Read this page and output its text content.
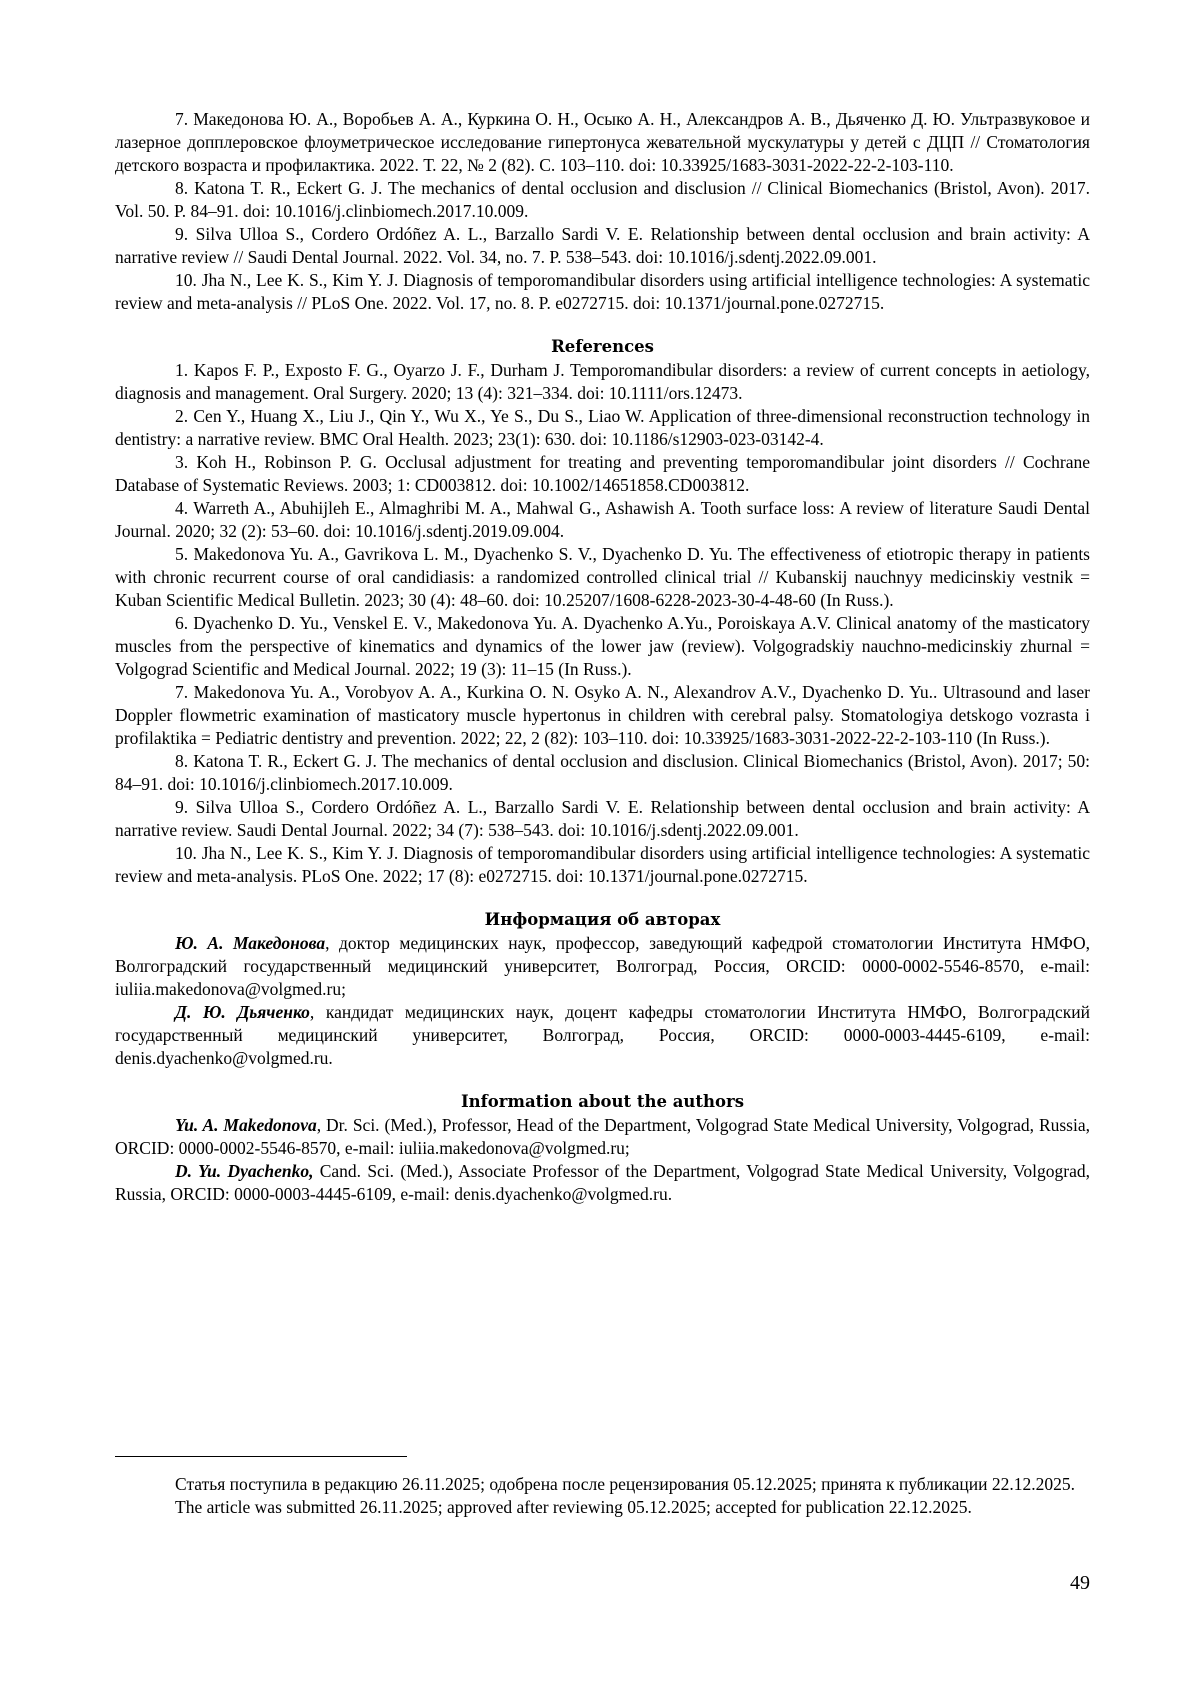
7. Македонова Ю. А., Воробьев А. А., Куркина О. Н., Осыко А. Н., Александров А. В., Дьяченко Д. Ю. Ультразвуковое и лазерное допплеровское флоуметрическое исследование гипертонуса жевательной мускулатуры у детей с ДЦП // Стоматология детского возраста и профилактика. 2022. Т. 22, № 2 (82). С. 103–110. doi: 10.33925/1683-3031-2022-22-2-103-110.

8. Katona T. R., Eckert G. J. The mechanics of dental occlusion and disclusion // Clinical Biomechanics (Bristol, Avon). 2017. Vol. 50. P. 84–91. doi: 10.1016/j.clinbiomech.2017.10.009.

9. Silva Ulloa S., Cordero Ordóñez A. L., Barzallo Sardi V. E. Relationship between dental occlusion and brain activity: A narrative review // Saudi Dental Journal. 2022. Vol. 34, no. 7. P. 538–543. doi: 10.1016/j.sdentj.2022.09.001.

10. Jha N., Lee K. S., Kim Y. J. Diagnosis of temporomandibular disorders using artificial intelligence technologies: A systematic review and meta-analysis // PLoS One. 2022. Vol. 17, no. 8. P. e0272715. doi: 10.1371/journal.pone.0272715.

References

1. Kapos F. P., Exposto F. G., Oyarzo J. F., Durham J. Temporomandibular disorders: a review of current concepts in aetiology, diagnosis and management. Oral Surgery. 2020; 13 (4): 321–334. doi: 10.1111/ors.12473.

2. Cen Y., Huang X., Liu J., Qin Y., Wu X., Ye S., Du S., Liao W. Application of three-dimensional reconstruction technology in dentistry: a narrative review. BMC Oral Health. 2023; 23(1): 630. doi: 10.1186/s12903-023-03142-4.

3. Koh H., Robinson P. G. Occlusal adjustment for treating and preventing temporomandibular joint disorders // Cochrane Database of Systematic Reviews. 2003; 1: CD003812. doi: 10.1002/14651858.CD003812.

4. Warreth A., Abuhijleh E., Almaghribi M. A., Mahwal G., Ashawish A. Tooth surface loss: A review of literature Saudi Dental Journal. 2020; 32 (2): 53–60. doi: 10.1016/j.sdentj.2019.09.004.

5. Makedonova Yu. A., Gavrikova L. M., Dyachenko S. V., Dyachenko D. Yu. The effectiveness of etiotropic therapy in patients with chronic recurrent course of oral candidiasis: a randomized controlled clinical trial // Kubanskij nauchnyy medicinskiy vestnik = Kuban Scientific Medical Bulletin. 2023; 30 (4): 48–60. doi: 10.25207/1608-6228-2023-30-4-48-60 (In Russ.).

6. Dyachenko D. Yu., Venskel E. V., Makedonova Yu. A. Dyachenko A.Yu., Poroiskaya A.V. Clinical anatomy of the masticatory muscles from the perspective of kinematics and dynamics of the lower jaw (review). Volgogradskiy nauchno-medicinskiy zhurnal = Volgograd Scientific and Medical Journal. 2022; 19 (3): 11–15 (In Russ.).

7. Makedonova Yu. A., Vorobyov A. A., Kurkina O. N. Osyko A. N., Alexandrov A.V., Dyachenko D. Yu.. Ultrasound and laser Doppler flowmetric examination of masticatory muscle hypertonus in children with cerebral palsy. Stomatologiya detskogo vozrasta i profilaktika = Pediatric dentistry and prevention. 2022; 22, 2 (82): 103–110. doi: 10.33925/1683-3031-2022-22-2-103-110 (In Russ.).

8. Katona T. R., Eckert G. J. The mechanics of dental occlusion and disclusion. Clinical Biomechanics (Bristol, Avon). 2017; 50: 84–91. doi: 10.1016/j.clinbiomech.2017.10.009.

9. Silva Ulloa S., Cordero Ordóñez A. L., Barzallo Sardi V. E. Relationship between dental occlusion and brain activity: A narrative review. Saudi Dental Journal. 2022; 34 (7): 538–543. doi: 10.1016/j.sdentj.2022.09.001.

10. Jha N., Lee K. S., Kim Y. J. Diagnosis of temporomandibular disorders using artificial intelligence technologies: A systematic review and meta-analysis. PLoS One. 2022; 17 (8): e0272715. doi: 10.1371/journal.pone.0272715.

Информация об авторах

Ю. А. Македонова, доктор медицинских наук, профессор, заведующий кафедрой стоматологии Института НМФО, Волгоградский государственный медицинский университет, Волгоград, Россия, ORCID: 0000-0002-5546-8570, e-mail: iuliia.makedonova@volgmed.ru;

Д. Ю. Дьяченко, кандидат медицинских наук, доцент кафедры стоматологии Института НМФО, Волгоградский государственный медицинский университет, Волгоград, Россия, ORCID: 0000-0003-4445-6109, e-mail: denis.dyachenko@volgmed.ru.

Information about the authors

Yu. A. Makedonova, Dr. Sci. (Med.), Professor, Head of the Department, Volgograd State Medical University, Volgograd, Russia, ORCID: 0000-0002-5546-8570, e-mail: iuliia.makedonova@volgmed.ru;

D. Yu. Dyachenko, Cand. Sci. (Med.), Associate Professor of the Department, Volgograd State Medical University, Volgograd, Russia, ORCID: 0000-0003-4445-6109, e-mail: denis.dyachenko@volgmed.ru.

Статья поступила в редакцию 26.11.2025; одобрена после рецензирования 05.12.2025; принята к публикации 22.12.2025.

The article was submitted 26.11.2025; approved after reviewing 05.12.2025; accepted for publication 22.12.2025.

49
